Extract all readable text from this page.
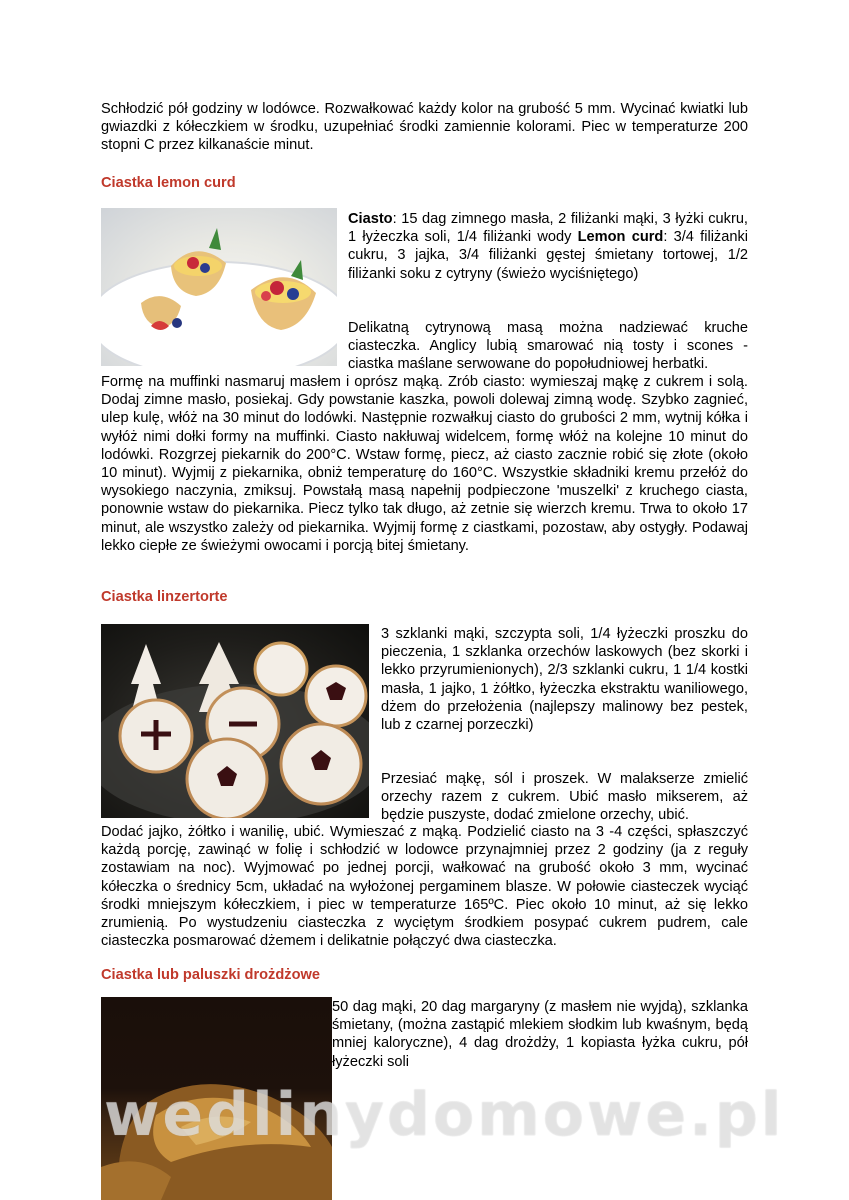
Schłodzić pół godziny w lodówce. Rozwałkować każdy kolor na grubość 5 mm. Wycinać kwiatki lub gwiazdki z kółeczkiem w środku, uzupełniać środki zamiennie kolorami. Piec w temperaturze 200 stopni C przez kilkanaście minut.

Ciastka lemon curd

Ciasto: 15 dag zimnego masła, 2 filiżanki mąki, 3 łyżki cukru, 1 łyżeczka soli, 1/4 filiżanki wody Lemon curd: 3/4 filiżanki cukru, 3 jajka, 3/4 filiżanki gęstej śmietany tortowej, 1/2 filiżanki soku z cytryny (świeżo wyciśniętego)

Delikatną cytrynową masą można nadziewać kruche ciasteczka. Anglicy lubią smarować nią tosty i scones - ciastka maślane serwowane do popołudniowej herbatki.

Formę na muffinki nasmaruj masłem i oprósz mąką. Zrób ciasto: wymieszaj mąkę z cukrem i solą. Dodaj zimne masło, posiekaj. Gdy powstanie kaszka, powoli dolewaj zimną wodę. Szybko zagnieć, ulep kulę, włóż na 30 minut do lodówki. Następnie rozwałkuj ciasto do grubości 2 mm, wytnij kółka i wyłóż nimi dołki formy na muffinki. Ciasto nakłuwaj widelcem, formę włóż na kolejne 10 minut do lodówki. Rozgrzej piekarnik do 200°C. Wstaw formę, piecz, aż ciasto zacznie robić się złote (około 10 minut). Wyjmij z piekarnika, obniż temperaturę do 160°C. Wszystkie składniki kremu przełóż do wysokiego naczynia, zmiksuj. Powstałą masą napełnij podpieczone 'muszelki' z kruchego ciasta, ponownie wstaw do piekarnika. Piecz tylko tak długo, aż zetnie się wierzch kremu. Trwa to około 17 minut, ale wszystko zależy od piekarnika. Wyjmij formę z ciastkami, pozostaw, aby ostygły. Podawaj lekko ciepłe ze świeżymi owocami i porcją bitej śmietany.

Ciastka linzertorte

3 szklanki mąki, szczypta soli, 1/4 łyżeczki proszku do pieczenia, 1 szklanka orzechów laskowych (bez skorki i lekko przyrumienionych), 2/3 szklanki cukru, 1 1/4 kostki masła, 1 jajko, 1 żółtko, łyżeczka ekstraktu waniliowego, dżem do przełożenia (najlepszy malinowy bez pestek, lub z czarnej porzeczki)

Przesiać mąkę, sól i proszek. W malakserze zmielić orzechy razem z cukrem. Ubić masło mikserem, aż będzie puszyste, dodać zmielone orzechy, ubić.

Dodać jajko, żółtko i wanilię, ubić. Wymieszać z mąką. Podzielić ciasto na 3 -4 części, spłaszczyć każdą porcję, zawinąć w folię i schłodzić w lodowce przynajmniej przez 2 godziny (ja z reguły zostawiam na noc). Wyjmować po jednej porcji, wałkować na grubość około 3 mm, wycinać kółeczka o średnicy 5cm, układać na wyłożonej pergaminem blasze. W połowie ciasteczek wyciąć środki mniejszym kółeczkiem, i piec w temperaturze 165ºC. Piec około 10 minut, aż się lekko zrumienią. Po wystudzeniu ciasteczka z wyciętym środkiem posypać cukrem pudrem, cale ciasteczka posmarować dżemem i delikatnie połączyć dwa ciasteczka.

Ciastka lub paluszki drożdżowe

50 dag mąki, 20 dag margaryny (z masłem nie wyjdą), szklanka śmietany, (można zastąpić mlekiem słodkim lub kwaśnym, będą mniej kaloryczne), 4 dag drożdży, 1 kopiasta łyżka cukru, pół łyżeczki soli

wedlinydomowe.pl
